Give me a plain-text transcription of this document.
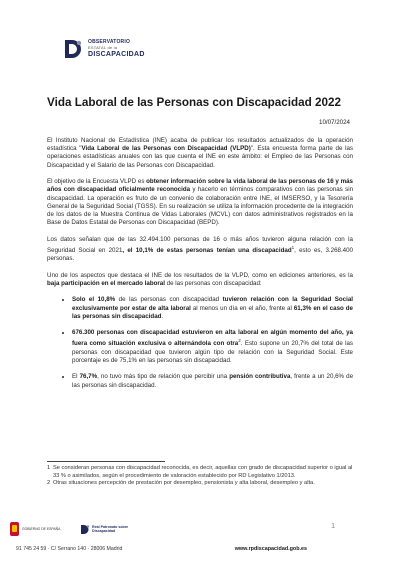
OBSERVATORIO
ESTATAL de la
DISCAPACIDAD
Vida Laboral de las Personas con Discapacidad 2022
10/07/2024

El Instituto Nacional de Estadística (INE) acaba de publicar los resultados actualizados de la operación estadística "Vida Laboral de las Personas con Discapacidad (VLPD)". Esta encuesta forma parte de las operaciones estadísticas anuales con las que cuenta el INE en este ámbito: el Empleo de las Personas con Discapacidad y el Salario de las Personas con Discapacidad.

El objetivo de la Encuesta VLPD es obtener información sobre la vida laboral de las personas de 16 y más años con discapacidad oficialmente reconocida y hacerlo en términos comparativos con las personas sin discapacidad. La operación es fruto de un convenio de colaboración entre INE, el IMSERSO, y la Tesorería General de la Seguridad Social (TGSS). En su realización se utiliza la información procedente de la integración de los datos de la Muestra Continua de Vidas Laborales (MCVL) con datos administrativos registrados en la Base de Datos Estatal de Personas con Discapacidad (BEPD).

Los datos señalan que de las 32.494.100 personas de 16 o más años tuvieron alguna relación con la Seguridad Social en 2021, el 10,1% de estas personas tenían una discapacidad$^1$, esto es, 3.268.400 personas.

Uno de los aspectos que destaca el INE de los resultados de la VLPD, como en ediciones anteriores, es la baja participación en el mercado laboral de las personas con discapacidad:

• Solo el 10,8% de las personas con discapacidad tuvieron relación con la Seguridad Social exclusivamente por estar de alta laboral al menos un día en el año, frente al 61,3% en el caso de las personas sin discapacidad.
• 676.300 personas con discapacidad estuvieron en alta laboral en algún momento del año, ya fuera como situación exclusiva o alternándola con otra$^2$. Esto supone un 20,7% del total de las personas con discapacidad que tuvieron algún tipo de relación con la Seguridad Social. Este porcentaje es de 75,1% en las personas sin discapacidad.
• El 76,7%, no tuvo más tipo de relación que percibir una pensión contributiva, frente a un 20,6% de las personas sin discapacidad.
1 Se consideran personas con discapacidad reconocida, es decir, aquellas con grado de discapacidad superior o igual al 33 % o asimilados, según el procedimiento de valoración establecido por RD Legislativo 1/2013.
2 Otras situaciones percepción de prestación por desempleo, pensionista y alta laboral, desempleo y alta.
1
GOBIERNO DE ESPAÑA	Real Patronato sobre Discapacidad
91 745 24 59 · C/ Serrano 140 · 28006 Madrid	www.rpdiscapacidad.gob.es
